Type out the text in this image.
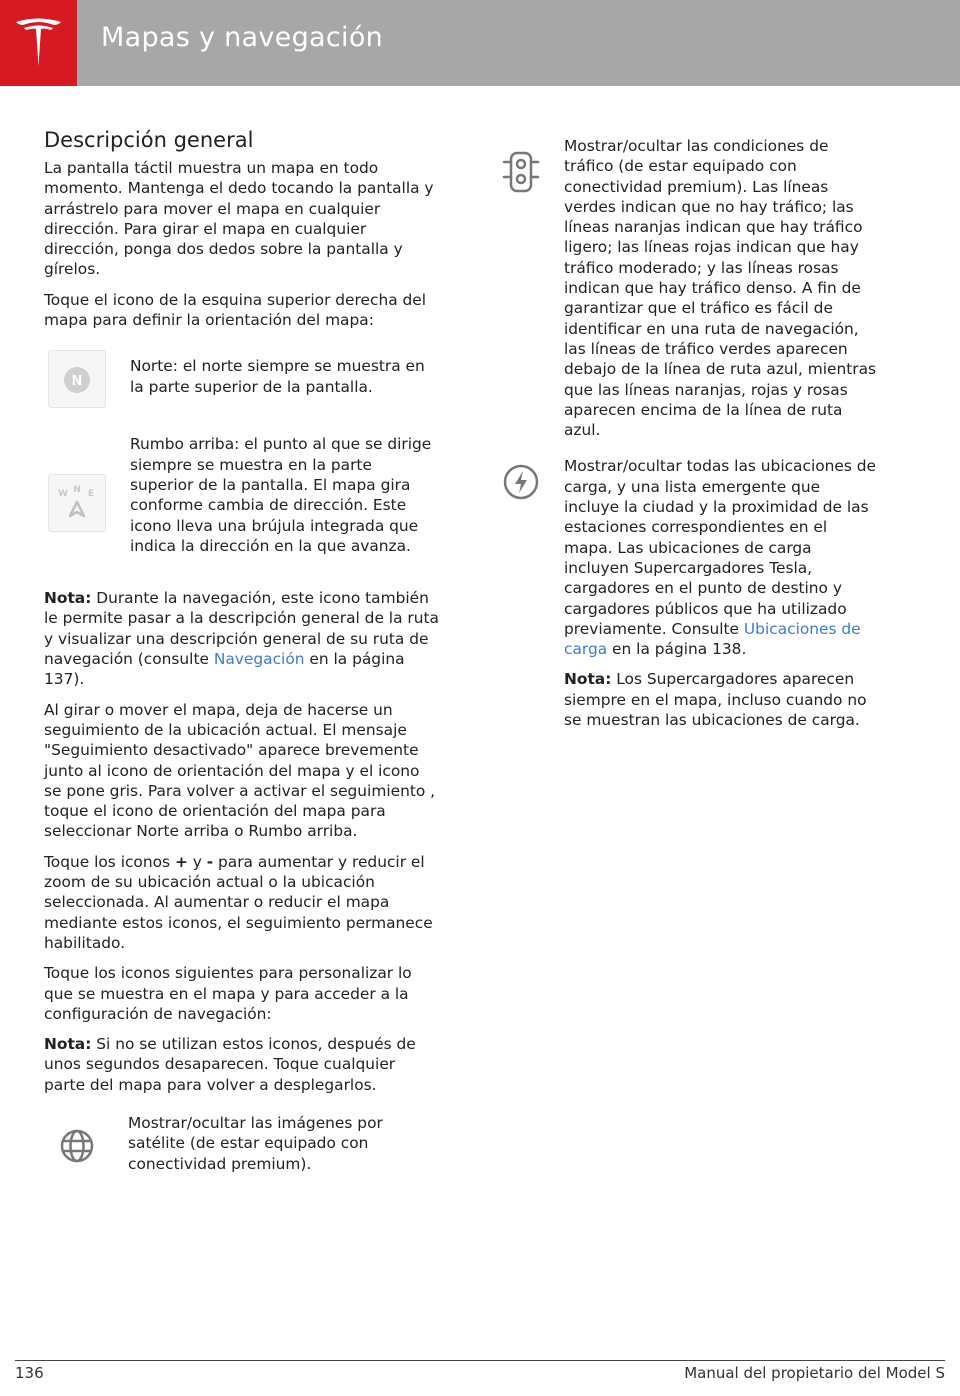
Mapas y navegación
Descripción general

La pantalla táctil muestra un mapa en todo momento. Mantenga el dedo tocando la pantalla y arrástrelo para mover el mapa en cualquier dirección. Para girar el mapa en cualquier dirección, ponga dos dedos sobre la pantalla y gírelos.

Toque el icono de la esquina superior derecha del mapa para definir la orientación del mapa:

N
Norte: el norte siempre se muestra en la parte superior de la pantalla.
N
W E
Rumbo arriba: el punto al que se dirige siempre se muestra en la parte superior de la pantalla. El mapa gira conforme cambia de dirección. Este icono lleva una brújula integrada que indica la dirección en la que avanza.

Nota: Durante la navegación, este icono también le permite pasar a la descripción general de la ruta y visualizar una descripción general de su ruta de navegación (consulte Navegación en la página 137).

Al girar o mover el mapa, deja de hacerse un seguimiento de la ubicación actual. El mensaje "Seguimiento desactivado" aparece brevemente junto al icono de orientación del mapa y el icono se pone gris. Para volver a activar el seguimiento , toque el icono de orientación del mapa para seleccionar Norte arriba o Rumbo arriba.

Toque los iconos + y - para aumentar y reducir el zoom de su ubicación actual o la ubicación seleccionada. Al aumentar o reducir el mapa mediante estos iconos, el seguimiento permanece habilitado.

Toque los iconos siguientes para personalizar lo que se muestra en el mapa y para acceder a la configuración de navegación:

Nota: Si no se utilizan estos iconos, después de unos segundos desaparecen. Toque cualquier parte del mapa para volver a desplegarlos.

Mostrar/ocultar las imágenes por satélite (de estar equipado con conectividad premium).
Mostrar/ocultar las condiciones de tráfico (de estar equipado con conectividad premium). Las líneas verdes indican que no hay tráfico; las líneas naranjas indican que hay tráfico ligero; las líneas rojas indican que hay tráfico moderado; y las líneas rosas indican que hay tráfico denso. A fin de garantizar que el tráfico es fácil de identificar en una ruta de navegación, las líneas de tráfico verdes aparecen debajo de la línea de ruta azul, mientras que las líneas naranjas, rojas y rosas aparecen encima de la línea de ruta azul.
Mostrar/ocultar todas las ubicaciones de carga, y una lista emergente que incluye la ciudad y la proximidad de las estaciones correspondientes en el mapa. Las ubicaciones de carga incluyen Supercargadores Tesla, cargadores en el punto de destino y cargadores públicos que ha utilizado previamente. Consulte Ubicaciones de carga en la página 138.

Nota: Los Supercargadores aparecen siempre en el mapa, incluso cuando no se muestran las ubicaciones de carga.

136	Manual del propietario del Model S
